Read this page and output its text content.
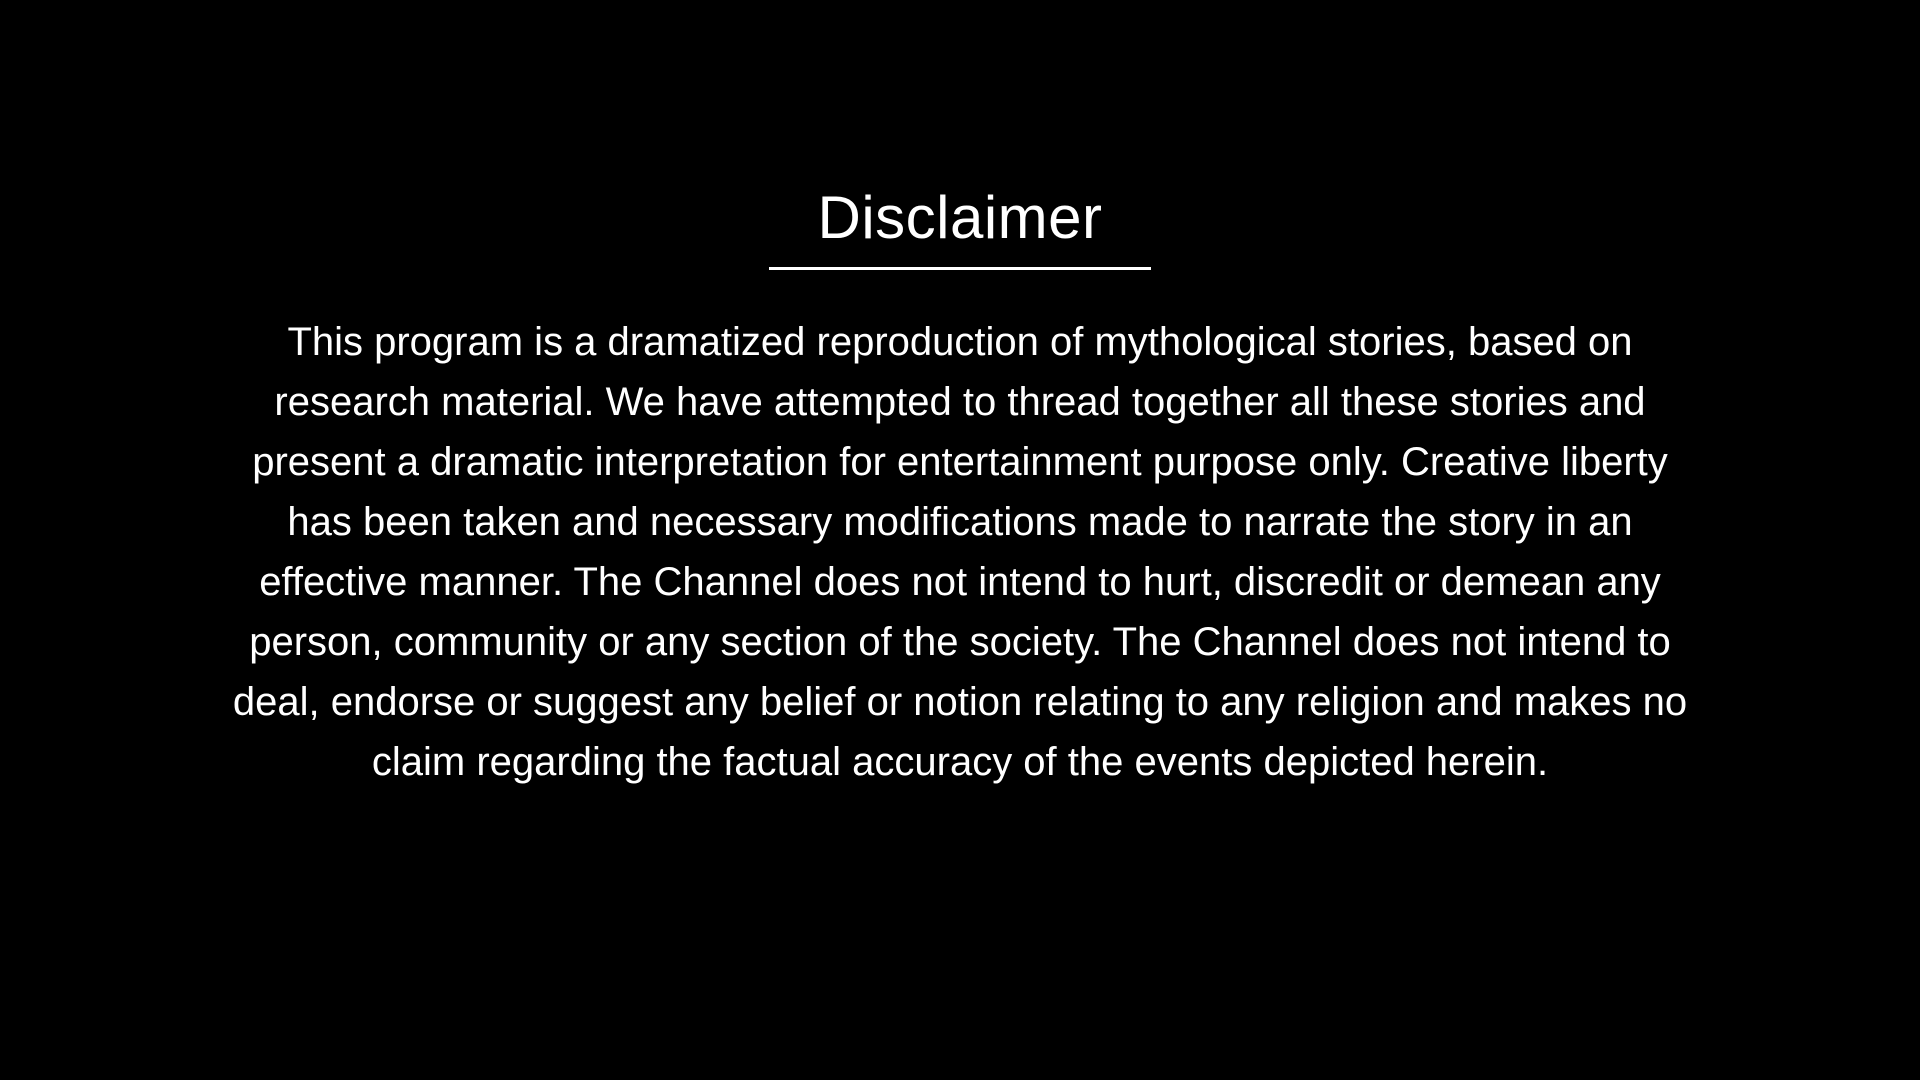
Disclaimer
This program is a dramatized reproduction of mythological stories, based on
research material. We have attempted to thread together all these stories and
present a dramatic interpretation for entertainment purpose only. Creative liberty
has been taken and necessary modifications made to narrate the story in an
effective manner. The Channel does not intend to hurt, discredit or demean any
person, community or any section of the society. The Channel does not intend to
deal, endorse or suggest any belief or notion relating to any religion and makes no
claim regarding the factual accuracy of the events depicted herein.
